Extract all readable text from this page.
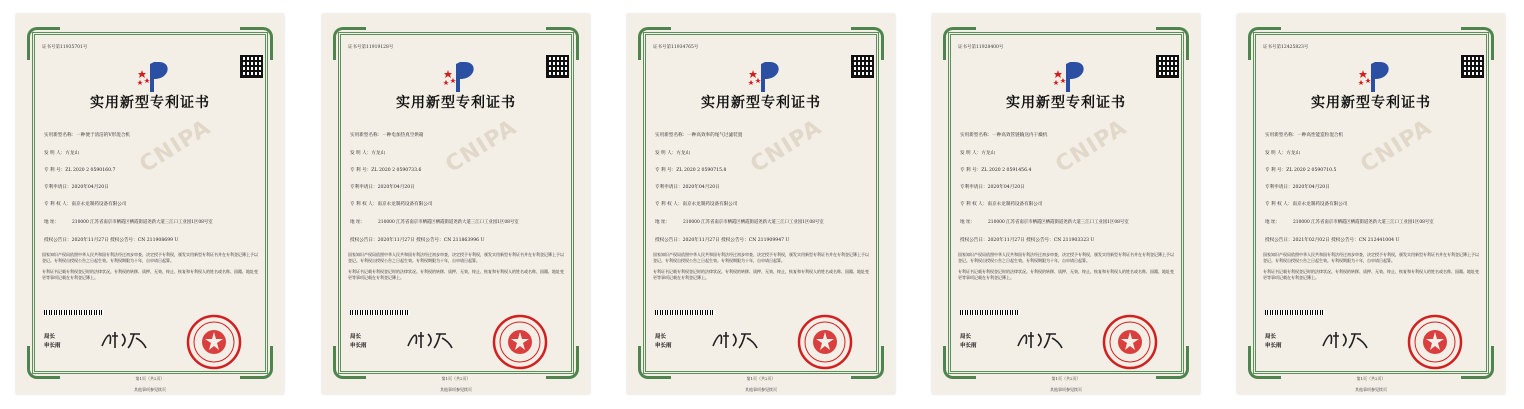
CNIPA
证书号第11935701号
实用新型专利证书
实用新型名称：一种便于清洁的V形混合机
发 明 人：方龙山
专 利 号：ZL 2020 2 0590160.7
专利申请日：2020年04月20日
专 利 权 人：南京永龙制药设备有限公司
地 址：	210000 江苏省南京市栖霞区栖霞街道尧新大道三江口工业园1区08号室
授权公告日：2020年11月27日 授权公告号：CN 211908699 U
国家知识产权局依照中华人民共和国专利法经过初步审查，决定授予专利权，颁发实用新型专利证书并在专利登记簿上予以登记。专利权自授权公告之日起生效。专利权期限为十年，自申请日起算。
专利证书记载专利权登记时的法律状况。专利权的转移、质押、无效、终止、恢复和专利权人的姓名或名称、国籍、地址变更等事项记载在专利登记簿上。
局长
申长雨
第1页（共2页）
其他事项参见续页
CNIPA
证书号第11919128号
实用新型专利证书
实用新型名称：一种电加热真空烘箱
发 明 人：方龙山
专 利 号：ZL 2020 2 0590733.6
专利申请日：2020年04月20日
专 利 权 人：南京永龙制药设备有限公司
地 址：	210000 江苏省南京市栖霞区栖霞街道尧新大道三江口工业园1区08号室
授权公告日：2020年11月27日 授权公告号：CN 211863996 U
国家知识产权局依照中华人民共和国专利法经过初步审查，决定授予专利权，颁发实用新型专利证书并在专利登记簿上予以登记。专利权自授权公告之日起生效。专利权期限为十年，自申请日起算。
专利证书记载专利权登记时的法律状况。专利权的转移、质押、无效、终止、恢复和专利权人的姓名或名称、国籍、地址变更等事项记载在专利登记簿上。
局长
申长雨
第1页（共2页）
其他事项参见续页
CNIPA
证书号第11934765号
实用新型专利证书
实用新型名称：一种高效率的尾气过滤装置
发 明 人：方龙山
专 利 号：ZL 2020 2 0590715.8
专利申请日：2020年04月20日
专 利 权 人：南京永龙制药设备有限公司
地 址：	210000 江苏省南京市栖霞区栖霞街道尧新大道三江口工业园1区08号室
授权公告日：2020年11月27日 授权公告号：CN 211909947 U
国家知识产权局依照中华人民共和国专利法经过初步审查，决定授予专利权，颁发实用新型专利证书并在专利登记簿上予以登记。专利权自授权公告之日起生效。专利权期限为十年，自申请日起算。
专利证书记载专利权登记时的法律状况。专利权的转移、质押、无效、终止、恢复和专利权人的姓名或名称、国籍、地址变更等事项记载在专利登记簿上。
局长
申长雨
第1页（共2页）
其他事项参见续页
CNIPA
证书号第11928400号
实用新型专利证书
实用新型名称：一种高效管链输送内干燥机
发 明 人：方龙山
专 利 号：ZL 2020 2 0591456.4
专利申请日：2020年04月20日
专 利 权 人：南京永龙制药设备有限公司
地 址：	210000 江苏省南京市栖霞区栖霞街道尧新大道三江口工业园1区08号室
授权公告日：2020年11月27日 授权公告号：CN 211903323 U
国家知识产权局依照中华人民共和国专利法经过初步审查，决定授予专利权，颁发实用新型专利证书并在专利登记簿上予以登记。专利权自授权公告之日起生效。专利权期限为十年，自申请日起算。
专利证书记载专利权登记时的法律状况。专利权的转移、质押、无效、终止、恢复和专利权人的姓名或名称、国籍、地址变更等事项记载在专利登记簿上。
局长
申长雨
第1页（共2页）
其他事项参见续页
CNIPA
证书号第12425823号
实用新型专利证书
实用新型名称：一种高性能造粒混合机
发 明 人：方龙山
专 利 号：ZL 2020 2 0590710.5
专利申请日：2020年04月20日
专 利 权 人：南京永龙制药设备有限公司
地 址：	210000 江苏省南京市栖霞区栖霞街道尧新大道三江口工业园1区08号室
授权公告日：2021年02月02日 授权公告号：CN 212441004 U
国家知识产权局依照中华人民共和国专利法经过初步审查，决定授予专利权，颁发实用新型专利证书并在专利登记簿上予以登记。专利权自授权公告之日起生效。专利权期限为十年，自申请日起算。
专利证书记载专利权登记时的法律状况。专利权的转移、质押、无效、终止、恢复和专利权人的姓名或名称、国籍、地址变更等事项记载在专利登记簿上。
局长
申长雨
第1页（共2页）
其他事项参见续页
